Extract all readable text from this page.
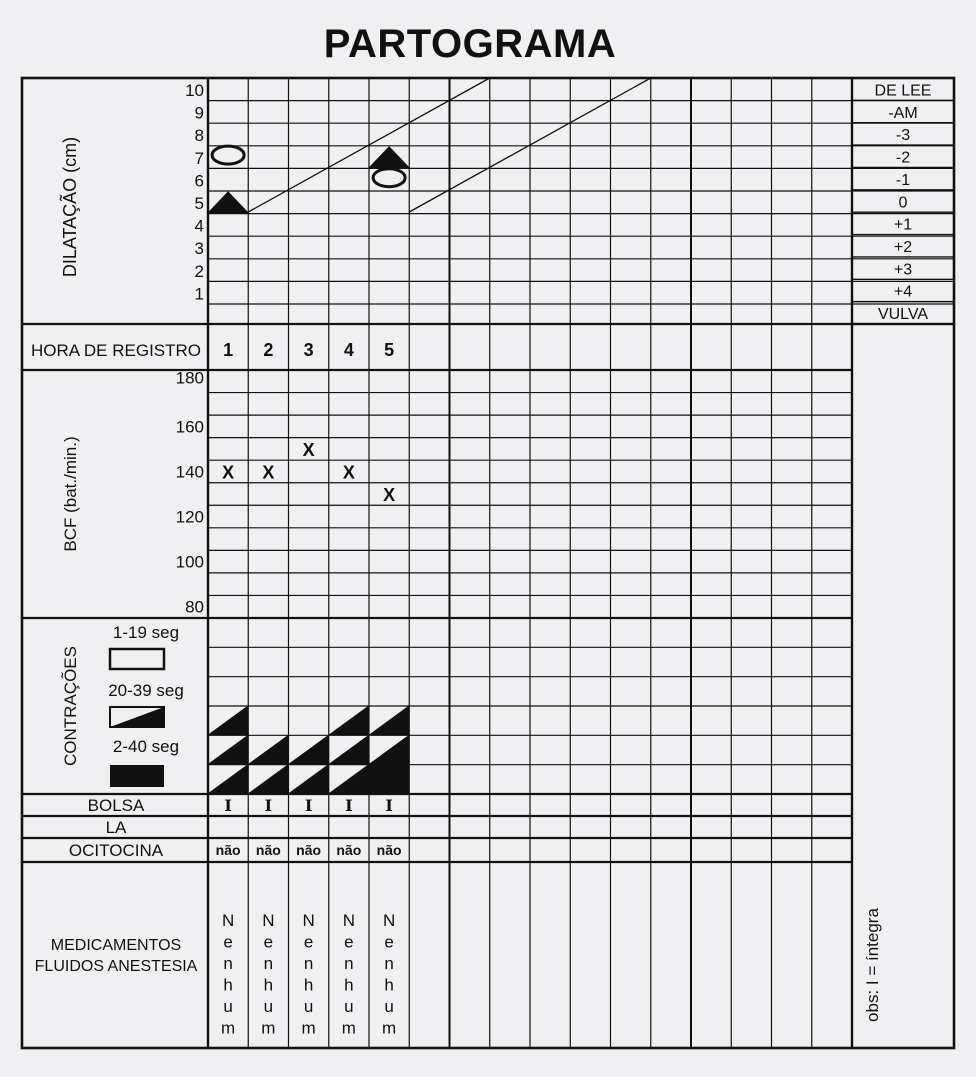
PARTOGRAMA
DE LEE
-AM
-3
-2
-1
0
+1
+2
+3
+4
VULVA
10
9
8
7
6
5
4
3
2
1
DILATAÇÃO (cm)
BCF (bat./min.)
CONTRAÇÕES
obs: I = íntegra
HORA DE REGISTRO 1 2 3 4 5
180
160
140
120
100
80
X X
X
X
X
1-19 seg
20-39 seg
2-40 seg
BOLSA
LA
OCITOCINA
I I I I I
não não não não não
MEDICAMENTOS
FLUIDOS ANESTESIA
N e n h u m
N e n h u m
N e n h u m
N e n h u m
N e n h u m
